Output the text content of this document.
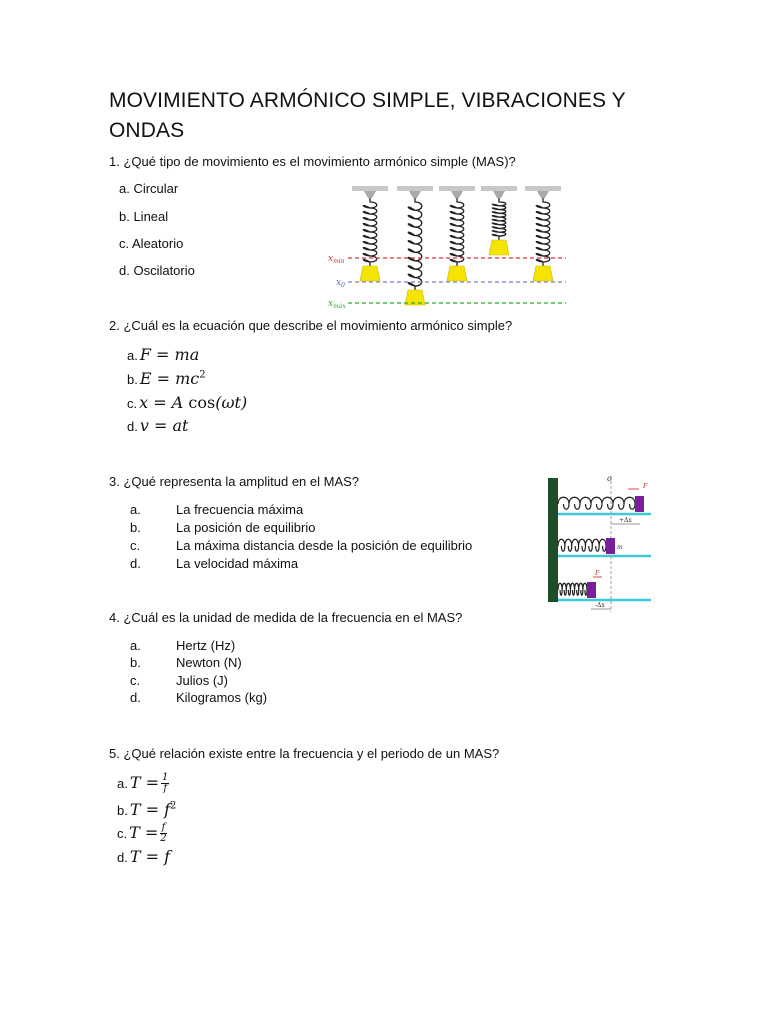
MOVIMIENTO ARMÓNICO SIMPLE, VIBRACIONES Y ONDAS
1. ¿Qué tipo de movimiento es el movimiento armónico simple (MAS)?
a. Circular
b. Lineal
c. Aleatorio
d. Oscilatorio
$x_{min}$
$x_0$
$x_{máx}$
2. ¿Cuál es la ecuación que describe el movimiento armónico simple?
a. F = ma
b. $E = mc^2$
c. x = A cos(ωt)
d. v = at
3. ¿Qué representa la amplitud en el MAS?
a.	La frecuencia máxima
b.	La posición de equilibrio
c.	La máxima distancia desde la posición de equilibrio
d.	La velocidad máxima
o
m
F
F
+Δx
-Δx
4. ¿Cuál es la unidad de medida de la frecuencia en el MAS?
a.	Hertz (Hz)
b.	Newton (N)
c.	Julios (J)
d.	Kilogramos (kg)
5. ¿Qué relación existe entre la frecuencia y el periodo de un MAS?
a. $T = \frac{1}{f}$
b. $T = f^2$
c. $T = \frac{f}{2}$
d. T = f
